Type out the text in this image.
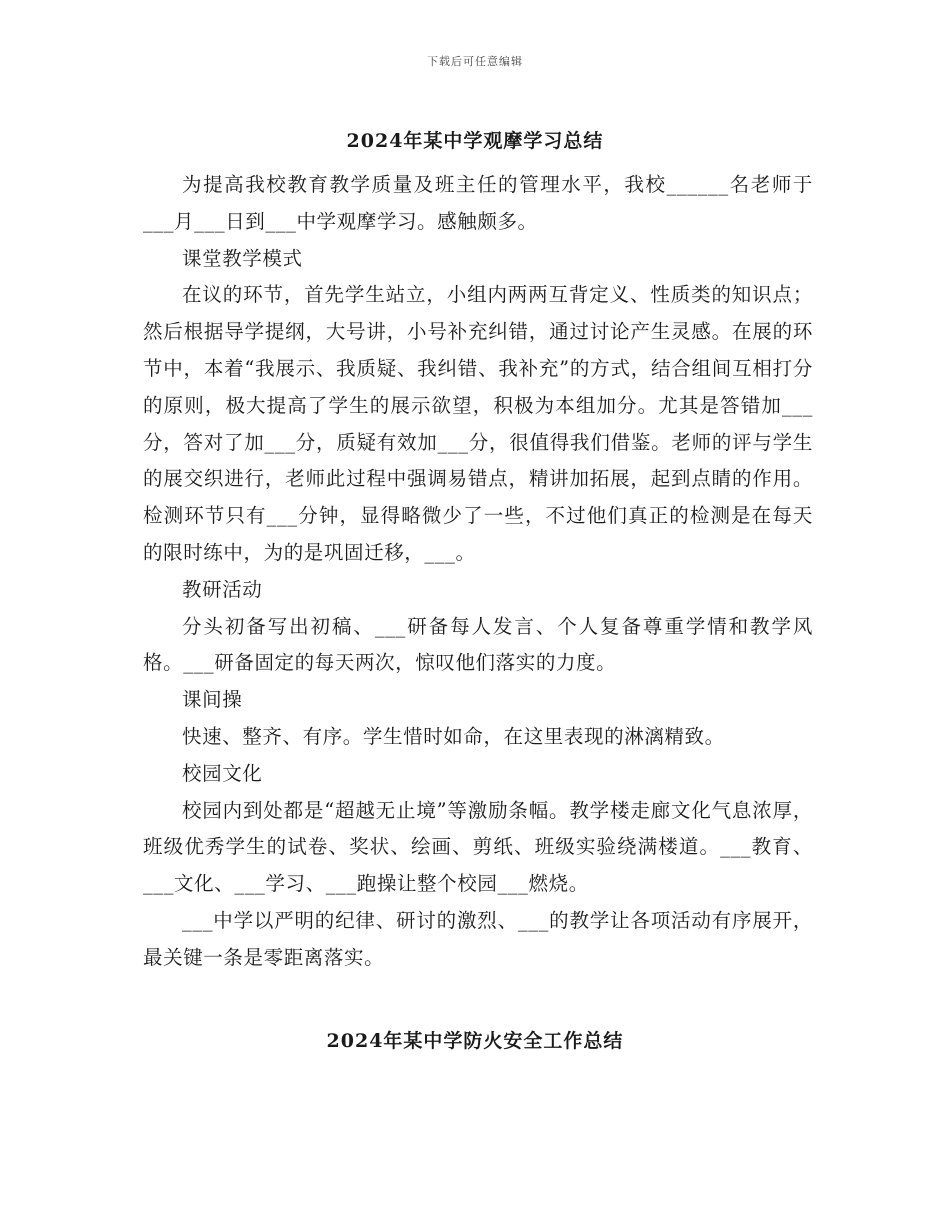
下载后可任意编辑
2024年某中学观摩学习总结

为提高我校教育教学质量及班主任的管理水平，我校______名老师于___月___日到___中学观摩学习。感触颇多。

课堂教学模式

在议的环节，首先学生站立，小组内两两互背定义、性质类的知识点；然后根据导学提纲，大号讲，小号补充纠错，通过讨论产生灵感。在展的环节中，本着“我展示、我质疑、我纠错、我补充”的方式，结合组间互相打分的原则，极大提高了学生的展示欲望，积极为本组加分。尤其是答错加___分，答对了加___分，质疑有效加___分，很值得我们借鉴。老师的评与学生的展交织进行，老师此过程中强调易错点，精讲加拓展，起到点睛的作用。检测环节只有___分钟，显得略微少了一些，不过他们真正的检测是在每天的限时练中，为的是巩固迁移，___。

教研活动

分头初备写出初稿、___研备每人发言、个人复备尊重学情和教学风格。___研备固定的每天两次，惊叹他们落实的力度。

课间操

快速、整齐、有序。学生惜时如命，在这里表现的淋漓精致。

校园文化

校园内到处都是“超越无止境”等激励条幅。教学楼走廊文化气息浓厚，班级优秀学生的试卷、奖状、绘画、剪纸、班级实验绕满楼道。___教育、___文化、___学习、___跑操让整个校园___燃烧。

___中学以严明的纪律、研讨的激烈、___的教学让各项活动有序展开，最关键一条是零距离落实。

2024年某中学防火安全工作总结
